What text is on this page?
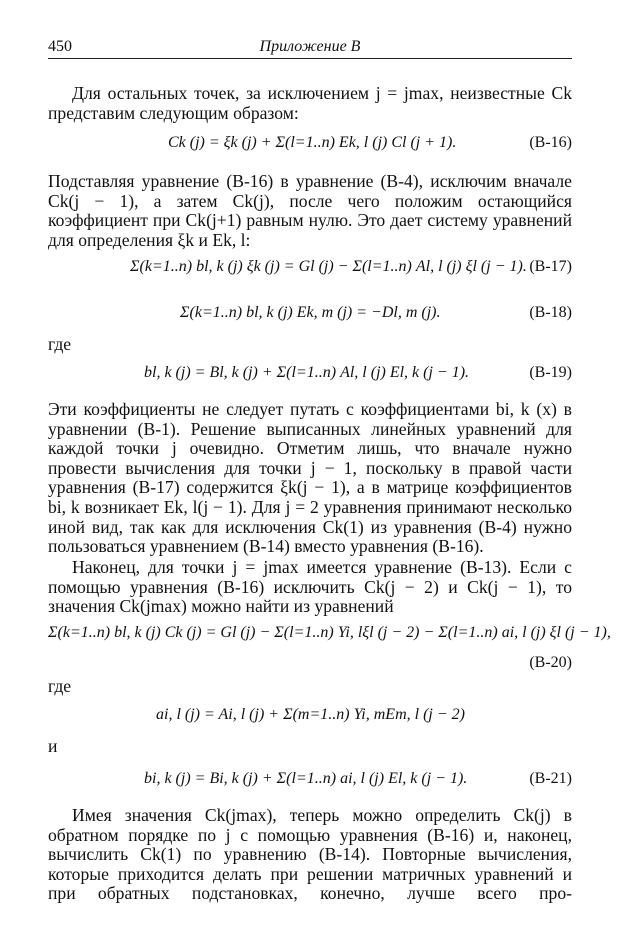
450	Приложение В

Для остальных точек, за исключением j = jmax, неизвестные Ck представим следующим образом:

Ck (j) = ξk (j) + Σ(l=1..n) Ek, l (j) Cl (j + 1).	(B-16)

Подставляя уравнение (B-16) в уравнение (B-4), исключим вначале Ck(j − 1), а затем Ck(j), после чего положим остающийся коэффициент при Ck(j+1) равным нулю. Это дает систему уравнений для определения ξk и Ek, l:

Σ(k=1..n) bl, k (j) ξk (j) = Gl (j) − Σ(l=1..n) Al, l (j) ξl (j − 1). (B-17)
Σ(k=1..n) bl, k (j) Ek, m (j) = −Dl, m (j).	(B-18)
где
bl, k (j) = Bl, k (j) + Σ(l=1..n) Al, l (j) El, k (j − 1).	(B-19)

Эти коэффициенты не следует путать с коэффициентами bi, k (x) в уравнении (B-1). Решение выписанных линейных уравнений для каждой точки j очевидно. Отметим лишь, что вначале нужно провести вычисления для точки j − 1, поскольку в правой части уравнения (B-17) содержится ξk(j − 1), а в матрице коэффициентов bi, k возникает Ek, l(j − 1). Для j = 2 уравнения принимают несколько иной вид, так как для исключения Ck(1) из уравнения (B-4) нужно пользоваться уравнением (B-14) вместо уравнения (B-16).

Наконец, для точки j = jmax имеется уравнение (B-13). Если с помощью уравнения (B-16) исключить Ck(j − 2) и Ck(j − 1), то значения Ck(jmax) можно найти из уравнений

Σ(k=1..n) bl, k (j) Ck (j) = Gl (j) − Σ(l=1..n) Yi, lξl (j − 2) − Σ(l=1..n) ai, l (j) ξl (j − 1),
(B-20)
где
ai, l (j) = Ai, l (j) + Σ(m=1..n) Yi, mEm, l (j − 2)
и
bi, k (j) = Bi, k (j) + Σ(l=1..n) ai, l (j) El, k (j − 1).	(B-21)

Имея значения Ck(jmax), теперь можно определить Ck(j) в обратном порядке по j с помощью уравнения (B-16) и, наконец, вычислить Ck(1) по уравнению (B-14). Повторные вычисления, которые приходится делать при решении матричных уравнений и при обратных подстановках, конечно, лучше всего про-
